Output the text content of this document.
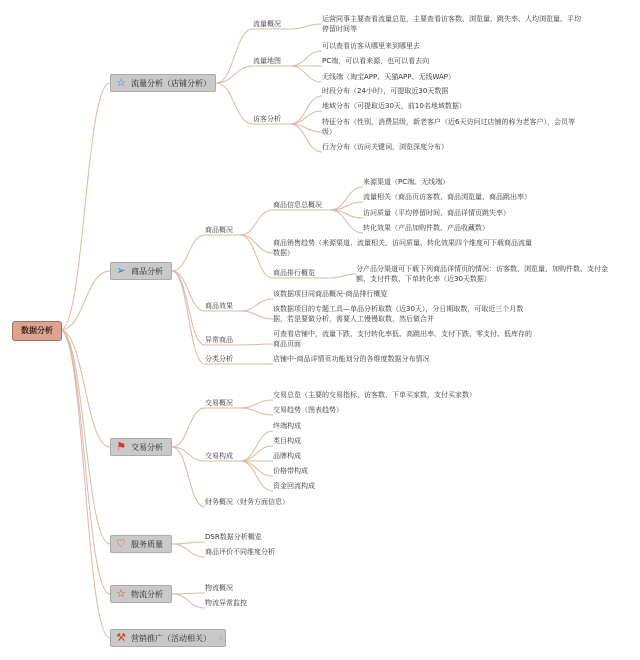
数据分析
☆ 流量分析（店铺分析）
流量概况
运营同事主要查看流量总览，主要查看访客数、浏览量、跳失率、人均浏览量、平均停留时间等
流量地图
可以查看访客从哪里来到哪里去
PC端，可以看来源，也可以看去向
无线端（淘宝APP、天猫APP、无线WAP）
访客分析
时段分布（24小时），可提取近30天数据
地域分布（可提取近30天，前10名地域数据）
特征分布（性别，消费层级，新老客户（近6天访问过店铺的称为老客户），会员等级）
行为分布（访问关键词，浏览深度分布）
➢ 商品分析
商品概况
商品信息总概况
来源渠道（PC端、无线端）
流量相关（商品页访客数、商品浏览量、商品跳出率）
访问质量（平均停留时间、商品详情页跳失率）
转化效果（产品加购件数、产品收藏数）
商品销售趋势（来源渠道、流量相关、访问质量、转化效果四个维度可下载商品流量数据）
商品排行概览	分产品分渠道可下载下列商品详情页的情况：访客数、浏览量、加购件数、支付金额、支付件数、下单转化率（近30天数据）
商品效果
该数据项目同商品概况-商品排行概览
该数据项目的专题工具—单品分析取数（近30天），分日期取数，可取近三个月数据，若是要做分析，需要人工慢慢取数，然后做合并
异常商品
可查看店铺中，流量下跌、支付转化率低、高跳出率、支付下跌、零支付、低库存的商品页面
分类分析	店铺中-商品详情页功能划分的各维度数据分布情况
⚑ 交易分析
交易概况
交易总览（主要的交易指标，访客数、下单买家数，支付买家数）
交易趋势（图表趋势）
交易构成
终端构成
类目构成
品牌构成
价格带构成
资金回流构成
财务概况（财务方面信息）
♡ 服务质量
DSR数据分析概览
商品评价不同维度分析
☆ 物流分析
物流概况
物流异常监控
⚒ 营销推广（活动相关） ⁘
